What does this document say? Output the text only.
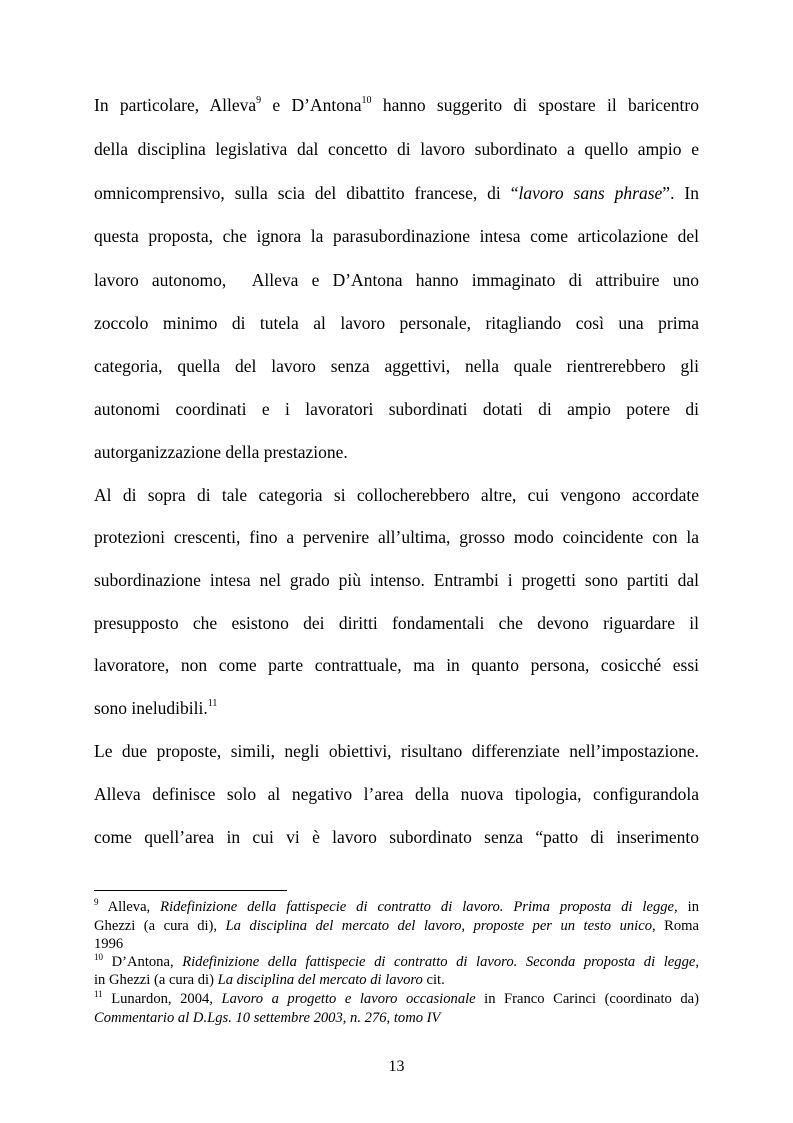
In particolare, Alleva$^9$ e D’Antona$^{10}$ hanno suggerito di spostare il baricentro
della disciplina legislativa dal concetto di lavoro subordinato a quello ampio e
omnicomprensivo, sulla scia del dibattito francese, di “lavoro sans phrase”. In
questa proposta, che ignora la parasubordinazione intesa come articolazione del
lavoro autonomo,  Alleva e D’Antona hanno immaginato di attribuire uno
zoccolo minimo di tutela al lavoro personale, ritagliando così una prima
categoria, quella del lavoro senza aggettivi, nella quale rientrerebbero gli
autonomi coordinati e i lavoratori subordinati dotati di ampio potere di
autorganizzazione della prestazione.
Al di sopra di tale categoria si collocherebbero altre, cui vengono accordate
protezioni crescenti, fino a pervenire all’ultima, grosso modo coincidente con la
subordinazione intesa nel grado più intenso. Entrambi i progetti sono partiti dal
presupposto che esistono dei diritti fondamentali che devono riguardare il
lavoratore, non come parte contrattuale, ma in quanto persona, cosicché essi
sono ineludibili.$^{11}$
Le due proposte, simili, negli obiettivi, risultano differenziate nell’impostazione.
Alleva definisce solo al negativo l’area della nuova tipologia, configurandola
come quell’area in cui vi è lavoro subordinato senza “patto di inserimento
$^9$ Alleva, Ridefinizione della fattispecie di contratto di lavoro. Prima proposta di legge, in
Ghezzi (a cura di), La disciplina del mercato del lavoro, proposte per un testo unico, Roma
1996
$^{10}$ D’Antona, Ridefinizione della fattispecie di contratto di lavoro. Seconda proposta di legge,
in Ghezzi (a cura di) La disciplina del mercato di lavoro cit.
$^{11}$ Lunardon, 2004, Lavoro a progetto e lavoro occasionale in Franco Carinci (coordinato da)
Commentario al D.Lgs. 10 settembre 2003, n. 276, tomo IV
13
